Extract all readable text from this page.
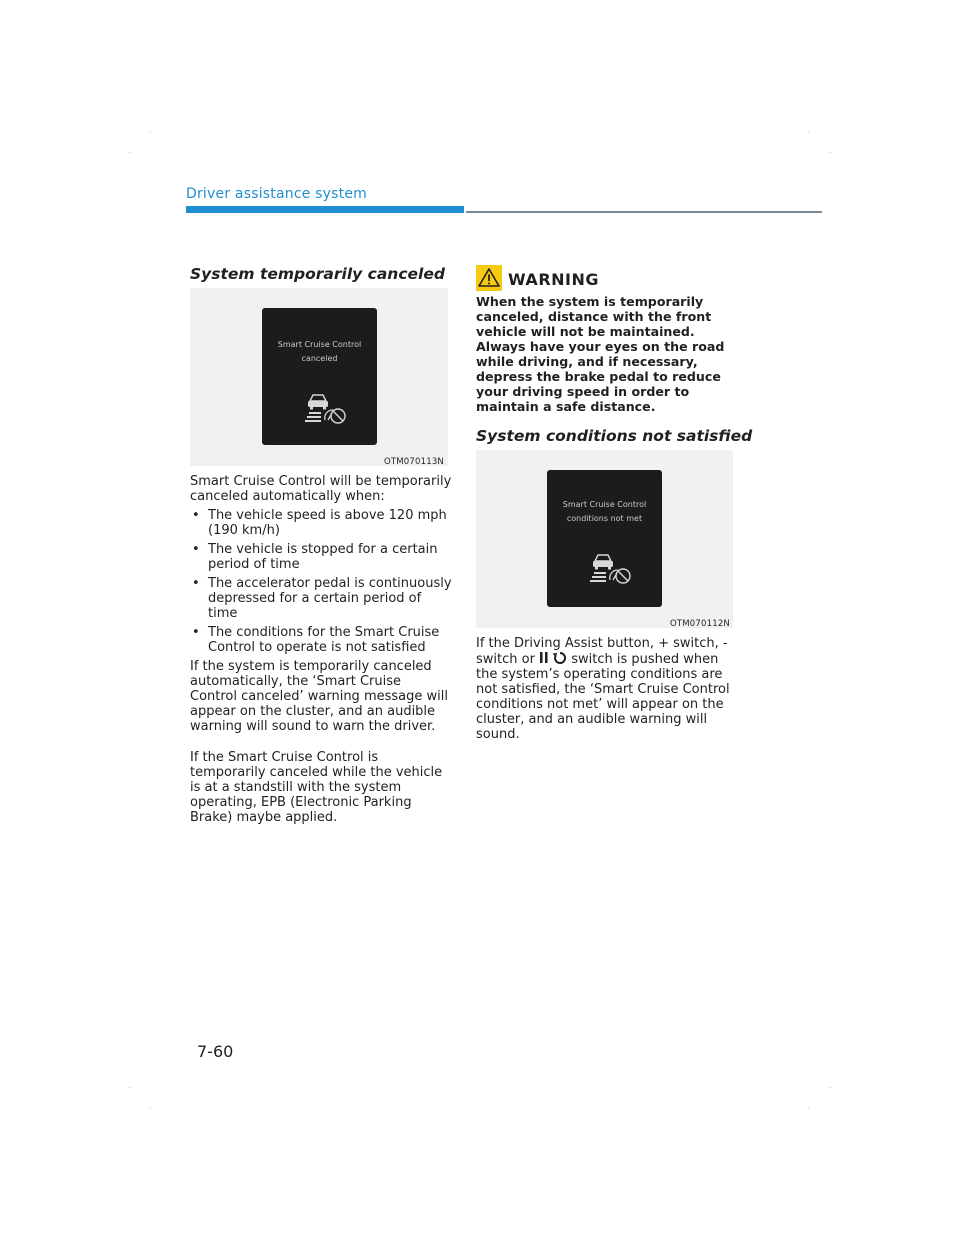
Driver assistance system
System temporarily canceled
Smart Cruise Control
canceled
OTM070113N

Smart Cruise Control will be temporarily canceled automatically when:

• The vehicle speed is above 120 mph (190 km/h)
• The vehicle is stopped for a certain period of time
• The accelerator pedal is continuously depressed for a certain period of time
• The conditions for the Smart Cruise Control to operate is not satisfied

If the system is temporarily canceled automatically, the ‘Smart Cruise Control canceled’ warning message will appear on the cluster, and an audible warning will sound to warn the driver.

If the Smart Cruise Control is temporarily canceled while the vehicle is at a standstill with the system operating, EPB (Electronic Parking Brake) maybe applied.

WARNING
When the system is temporarily canceled, distance with the front vehicle will not be maintained. Always have your eyes on the road while driving, and if necessary, depress the brake pedal to reduce your driving speed in order to maintain a safe distance.
System conditions not satisfied
Smart Cruise Control
conditions not met
OTM070112N

If the Driving Assist button, + switch, - switch or	switch is pushed when the system’s operating conditions are not satisfied, the ‘Smart Cruise Control conditions not met’ will appear on the cluster, and an audible warning will sound.

7-60
